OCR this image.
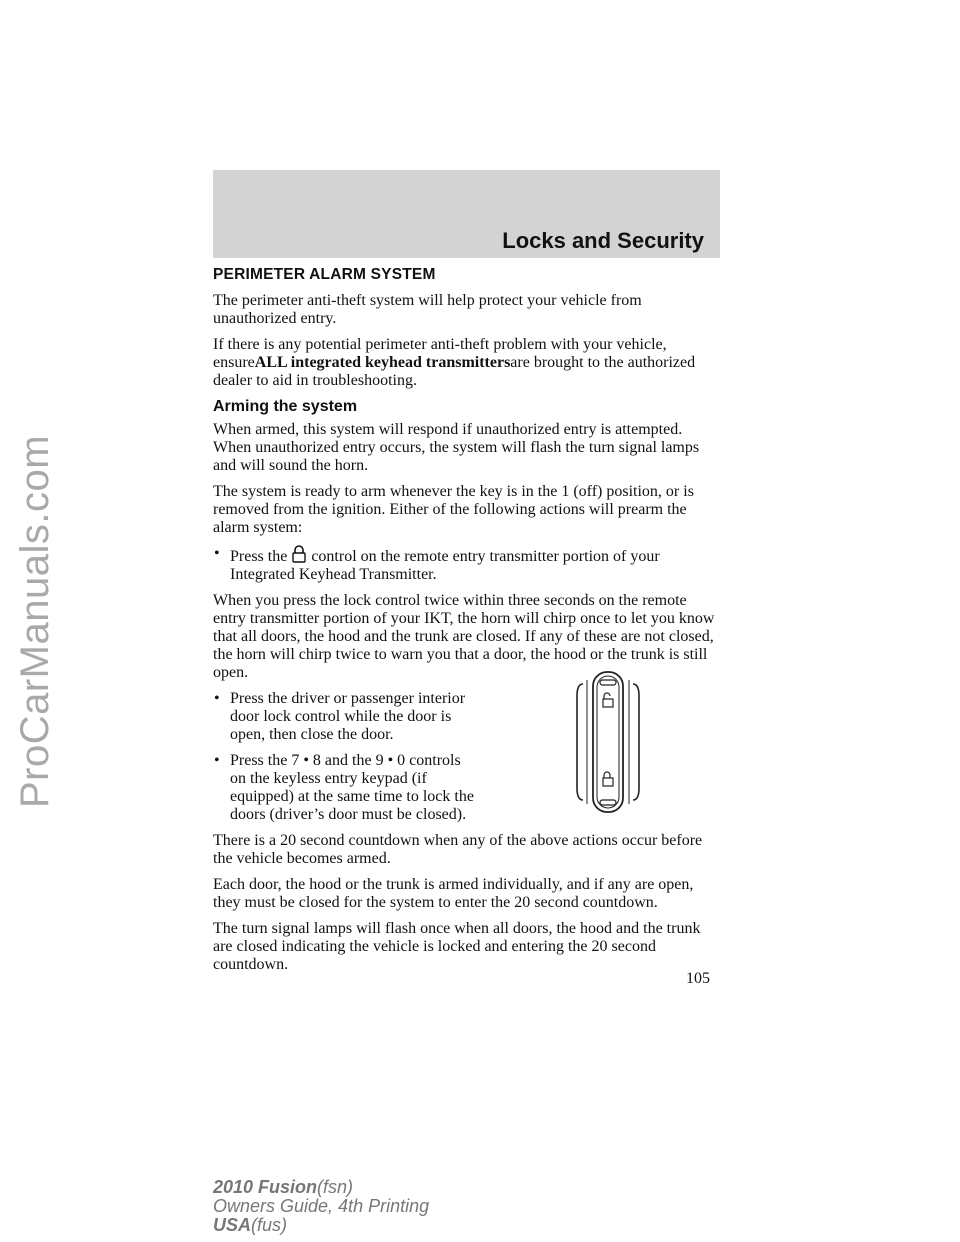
ProCarManuals.com
Locks and Security
PERIMETER ALARM SYSTEM

The perimeter anti-theft system will help protect your vehicle from unauthorized entry.

If there is any potential perimeter anti-theft problem with your vehicle, ensureALL integrated keyhead transmittersare brought to the authorized dealer to aid in troubleshooting.

Arming the system

When armed, this system will respond if unauthorized entry is attempted. When unauthorized entry occurs, the system will flash the turn signal lamps and will sound the horn.

The system is ready to arm whenever the key is in the 1 (off) position, or is removed from the ignition. Either of the following actions will prearm the alarm system:

• Press the control on the remote entry transmitter portion of your Integrated Keyhead Transmitter.

When you press the lock control twice within three seconds on the remote entry transmitter portion of your IKT, the horn will chirp once to let you know that all doors, the hood and the trunk are closed. If any of these are not closed, the horn will chirp twice to warn you that a door, the hood or the trunk is still open.

• Press the driver or passenger interior door lock control while the door is open, then close the door.
• Press the 7 • 8 and the 9 • 0 controls on the keyless entry keypad (if equipped) at the same time to lock the doors (driver’s door must be closed).

There is a 20 second countdown when any of the above actions occur before the vehicle becomes armed.

Each door, the hood or the trunk is armed individually, and if any are open, they must be closed for the system to enter the 20 second countdown.

The turn signal lamps will flash once when all doors, the hood and the trunk are closed indicating the vehicle is locked and entering the 20 second countdown.

105
2010 Fusion(fsn)
Owners Guide, 4th Printing
USA(fus)
